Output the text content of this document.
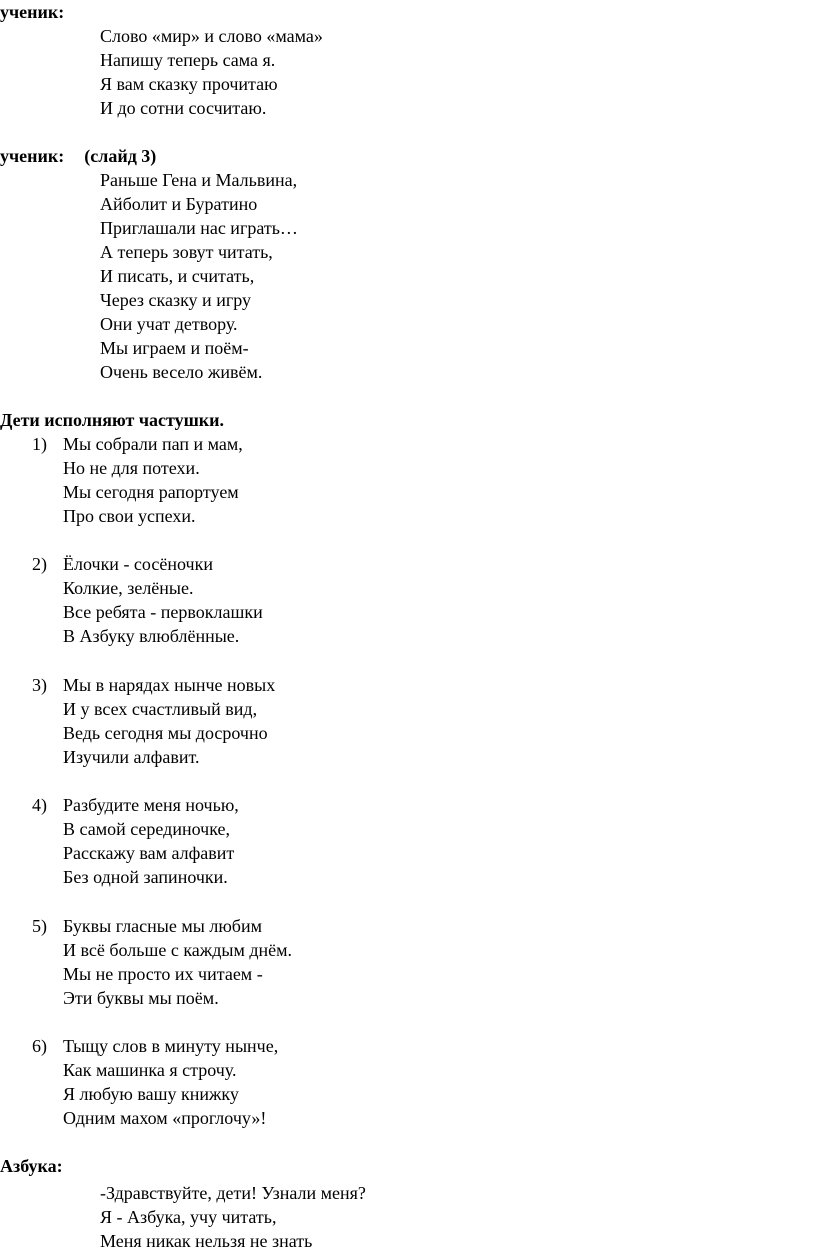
ученик:
Слово «мир» и слово «мама»
Напишу теперь сама я.
Я вам сказку прочитаю
И до сотни сосчитаю.
ученик: (слайд 3)
Раньше Гена и Мальвина,
Айболит и Буратино
Приглашали нас играть…
А теперь зовут читать,
И писать, и считать,
Через сказку и игру
Они учат детвору.
Мы играем и поём-
Очень весело живём.
Дети исполняют частушки.
1) Мы собрали пап и мам,
Но не для потехи.
Мы сегодня рапортуем
Про свои успехи.
2) Ёлочки - сосёночки
Колкие, зелёные.
Все ребята - первоклашки
В Азбуку влюблённые.
3) Мы в нарядах нынче новых
И у всех счастливый вид,
Ведь сегодня мы досрочно
Изучили алфавит.
4) Разбудите меня ночью,
В самой серединочке,
Расскажу вам алфавит
Без одной запиночки.
5) Буквы гласные мы любим
И всё больше с каждым днём.
Мы не просто их читаем -
Эти буквы мы поём.
6) Тыщу слов в минуту нынче,
Как машинка я строчу.
Я любую вашу книжку
Одним махом «проглочу»!
Азбука:
-Здравствуйте, дети! Узнали меня?
Я - Азбука, учу читать,
Меня никак нельзя не знать
